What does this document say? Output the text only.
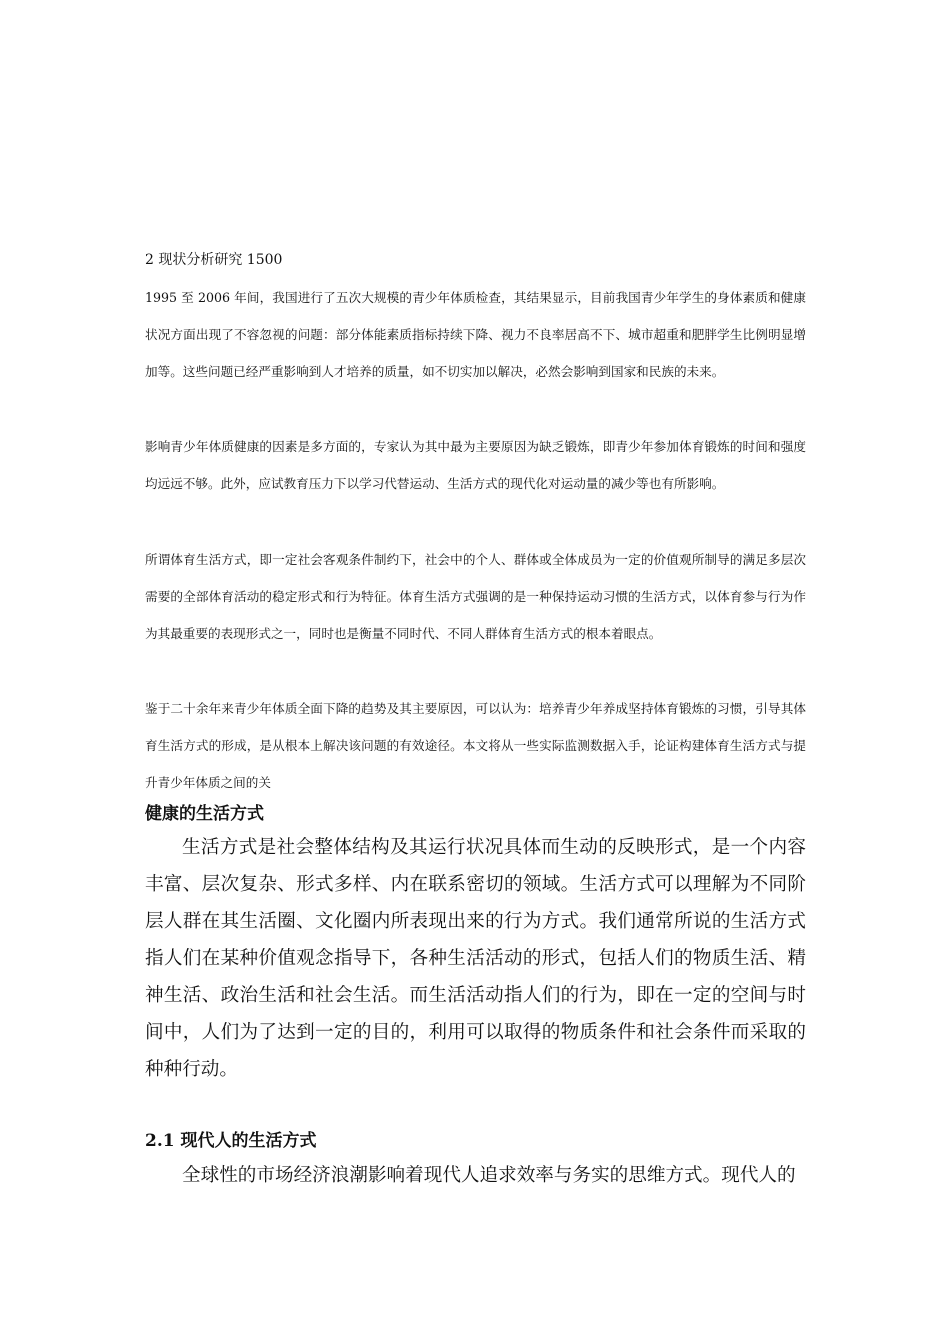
2 现状分析研究 1500
1995 至 2006 年间，我国进行了五次大规模的青少年体质检查，其结果显示，目前我国青少年学生的身体素质和健康状况方面出现了不容忽视的问题：部分体能素质指标持续下降、视力不良率居高不下、城市超重和肥胖学生比例明显增加等。这些问题已经严重影响到人才培养的质量，如不切实加以解决，必然会影响到国家和民族的未来。
影响青少年体质健康的因素是多方面的，专家认为其中最为主要原因为缺乏锻炼，即青少年参加体育锻炼的时间和强度均远远不够。此外，应试教育压力下以学习代替运动、生活方式的现代化对运动量的减少等也有所影响。
所谓体育生活方式，即一定社会客观条件制约下，社会中的个人、群体或全体成员为一定的价值观所制导的满足多层次需要的全部体育活动的稳定形式和行为特征。体育生活方式强调的是一种保持运动习惯的生活方式，以体育参与行为作为其最重要的表现形式之一，同时也是衡量不同时代、不同人群体育生活方式的根本着眼点。
鉴于二十余年来青少年体质全面下降的趋势及其主要原因，可以认为：培养青少年养成坚持体育锻炼的习惯，引导其体育生活方式的形成，是从根本上解决该问题的有效途径。本文将从一些实际监测数据入手，论证构建体育生活方式与提升青少年体质之间的关
健康的生活方式
生活方式是社会整体结构及其运行状况具体而生动的反映形式，是一个内容丰富、层次复杂、形式多样、内在联系密切的领域。生活方式可以理解为不同阶层人群在其生活圈、文化圈内所表现出来的行为方式。我们通常所说的生活方式指人们在某种价值观念指导下，各种生活活动的形式，包括人们的物质生活、精神生活、政治生活和社会生活。而生活活动指人们的行为，即在一定的空间与时间中，人们为了达到一定的目的，利用可以取得的物质条件和社会条件而采取的种种行动。
2.1 现代人的生活方式
全球性的市场经济浪潮影响着现代人追求效率与务实的思维方式。现代人的
